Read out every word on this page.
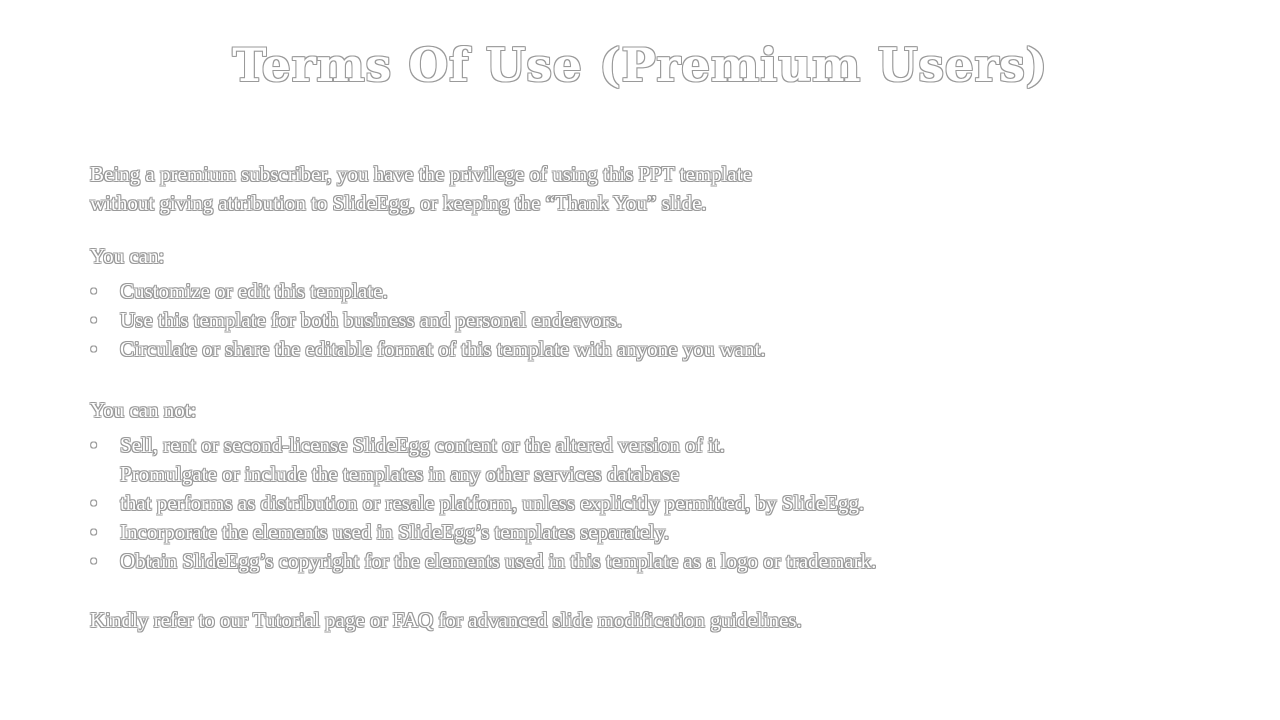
Terms Of Use (Premium Users)

Being a premium subscriber, you have the privilege of using this PPT template
without giving attribution to SlideEgg, or keeping the “Thank You” slide.

You can:

•	Customize or edit this template.
•	Use this template for both business and personal endeavors.
•	Circulate or share the editable format of this template with anyone you want.

You can not:

•	Sell, rent or second-license SlideEgg content or the altered version of it.
Promulgate or include the templates in any other services database
•	that performs as distribution or resale platform, unless explicitly permitted, by SlideEgg.
•	Incorporate the elements used in SlideEgg’s templates separately.
•	Obtain SlideEgg’s copyright for the elements used in this template as a logo or trademark.

Kindly refer to our Tutorial page or FAQ for advanced slide modification guidelines.
